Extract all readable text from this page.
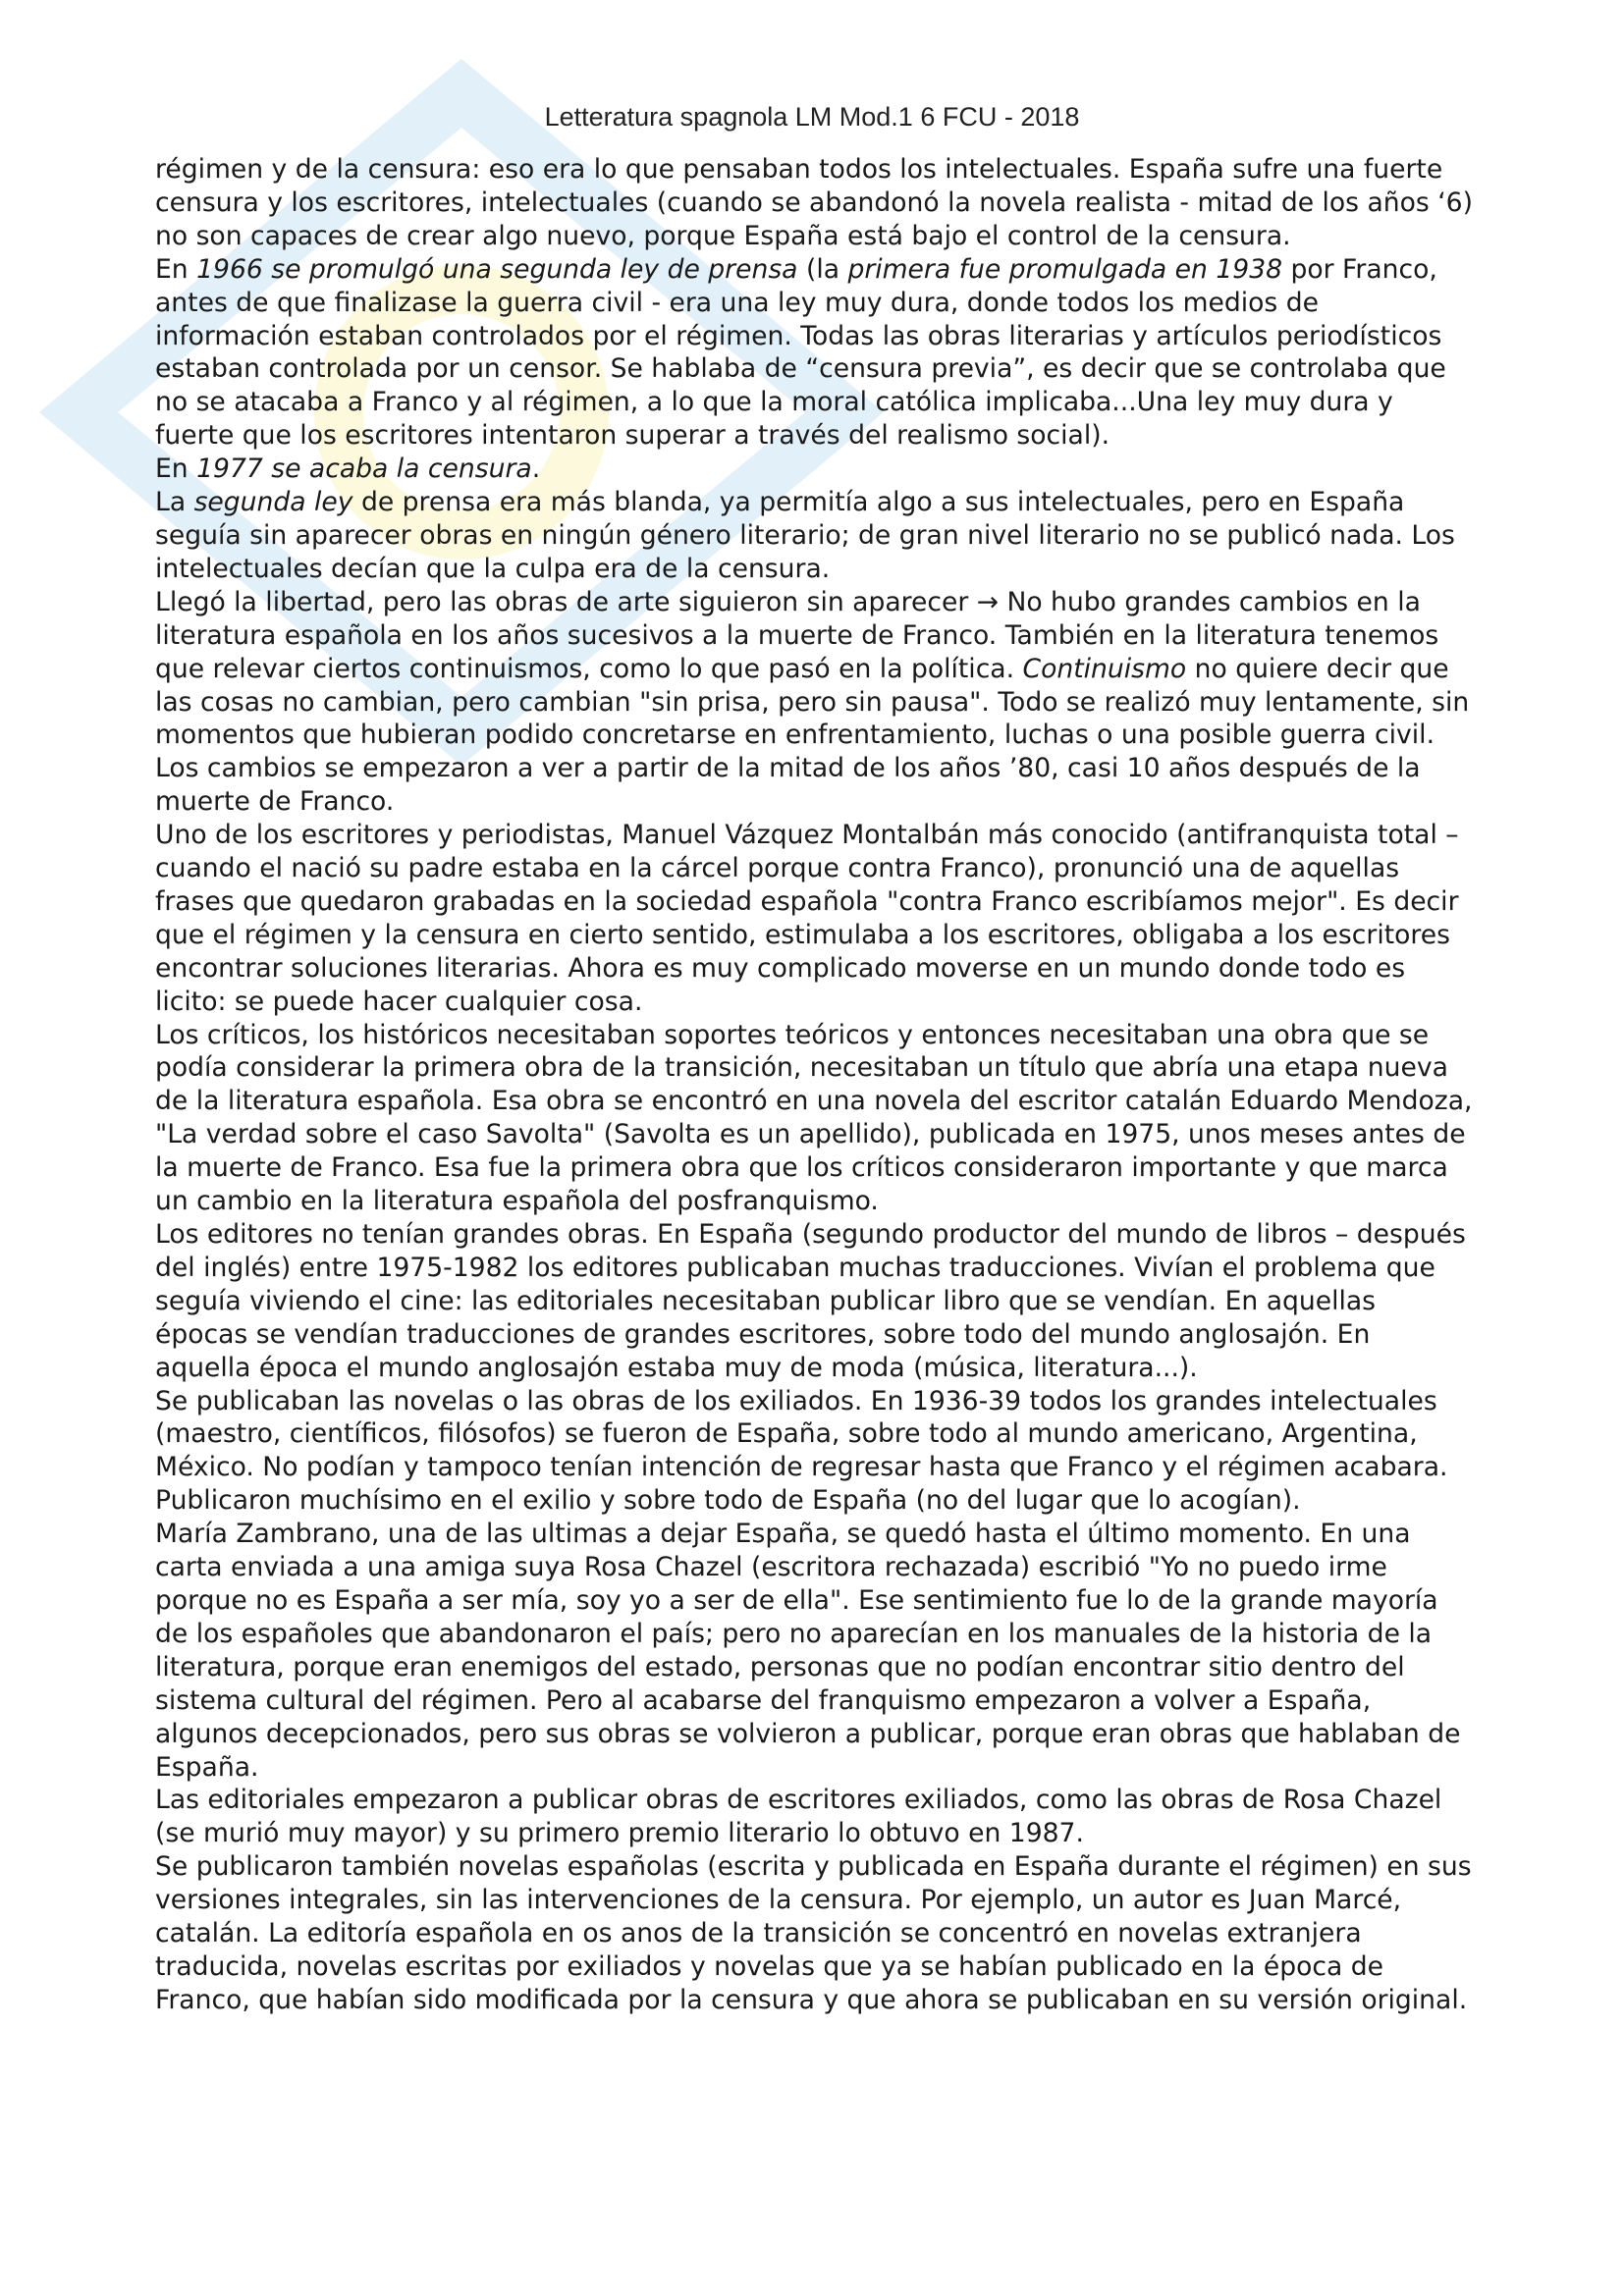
Letteratura spagnola LM Mod.1 6 FCU - 2018

régimen y de la censura: eso era lo que pensaban todos los intelectuales. España sufre una fuerte censura y los escritores, intelectuales (cuando se abandonó la novela realista - mitad de los años ‘6) no son capaces de crear algo nuevo, porque España está bajo el control de la censura.

En 1966 se promulgó una segunda ley de prensa (la primera fue promulgada en 1938 por Franco, antes de que finalizase la guerra civil - era una ley muy dura, donde todos los medios de información estaban controlados por el régimen. Todas las obras literarias y artículos periodísticos estaban controlada por un censor. Se hablaba de “censura previa”, es decir que se controlaba que no se atacaba a Franco y al régimen, a lo que la moral católica implicaba...Una ley muy dura y fuerte que los escritores intentaron superar a través del realismo social).

En 1977 se acaba la censura.

La segunda ley de prensa era más blanda, ya permitía algo a sus intelectuales, pero en España seguía sin aparecer obras en ningún género literario; de gran nivel literario no se publicó nada. Los intelectuales decían que la culpa era de la censura.

Llegó la libertad, pero las obras de arte siguieron sin aparecer → No hubo grandes cambios en la literatura española en los años sucesivos a la muerte de Franco. También en la literatura tenemos que relevar ciertos continuismos, como lo que pasó en la política. Continuismo no quiere decir que las cosas no cambian, pero cambian "sin prisa, pero sin pausa". Todo se realizó muy lentamente, sin momentos que hubieran podido concretarse en enfrentamiento, luchas o una posible guerra civil. Los cambios se empezaron a ver a partir de la mitad de los años ’80, casi 10 años después de la muerte de Franco.

Uno de los escritores y periodistas, Manuel Vázquez Montalbán más conocido (antifranquista total – cuando el nació su padre estaba en la cárcel porque contra Franco), pronunció una de aquellas frases que quedaron grabadas en la sociedad española "contra Franco escribíamos mejor". Es decir que el régimen y la censura en cierto sentido, estimulaba a los escritores, obligaba a los escritores encontrar soluciones literarias. Ahora es muy complicado moverse en un mundo donde todo es licito: se puede hacer cualquier cosa.

Los críticos, los históricos necesitaban soportes teóricos y entonces necesitaban una obra que se podía considerar la primera obra de la transición, necesitaban un título que abría una etapa nueva de la literatura española. Esa obra se encontró en una novela del escritor catalán Eduardo Mendoza, "La verdad sobre el caso Savolta" (Savolta es un apellido), publicada en 1975, unos meses antes de la muerte de Franco. Esa fue la primera obra que los críticos consideraron importante y que marca un cambio en la literatura española del posfranquismo.

Los editores no tenían grandes obras. En España (segundo productor del mundo de libros – después del inglés) entre 1975-1982 los editores publicaban muchas traducciones. Vivían el problema que seguía viviendo el cine: las editoriales necesitaban publicar libro que se vendían. En aquellas épocas se vendían traducciones de grandes escritores, sobre todo del mundo anglosajón. En aquella época el mundo anglosajón estaba muy de moda (música, literatura...).

Se publicaban las novelas o las obras de los exiliados. En 1936-39 todos los grandes intelectuales (maestro, científicos, filósofos) se fueron de España, sobre todo al mundo americano, Argentina, México. No podían y tampoco tenían intención de regresar hasta que Franco y el régimen acabara. Publicaron muchísimo en el exilio y sobre todo de España (no del lugar que lo acogían).

María Zambrano, una de las ultimas a dejar España, se quedó hasta el último momento. En una carta enviada a una amiga suya Rosa Chazel (escritora rechazada) escribió "Yo no puedo irme porque no es España a ser mía, soy yo a ser de ella". Ese sentimiento fue lo de la grande mayoría de los españoles que abandonaron el país; pero no aparecían en los manuales de la historia de la literatura, porque eran enemigos del estado, personas que no podían encontrar sitio dentro del sistema cultural del régimen. Pero al acabarse del franquismo empezaron a volver a España, algunos decepcionados, pero sus obras se volvieron a publicar, porque eran obras que hablaban de España.

Las editoriales empezaron a publicar obras de escritores exiliados, como las obras de Rosa Chazel (se murió muy mayor) y su primero premio literario lo obtuvo en 1987.

Se publicaron también novelas españolas (escrita y publicada en España durante el régimen) en sus versiones integrales, sin las intervenciones de la censura. Por ejemplo, un autor es Juan Marcé, catalán. La editoría española en os anos de la transición se concentró en novelas extranjera traducida, novelas escritas por exiliados y novelas que ya se habían publicado en la época de Franco, que habían sido modificada por la censura y que ahora se publicaban en su versión original.
